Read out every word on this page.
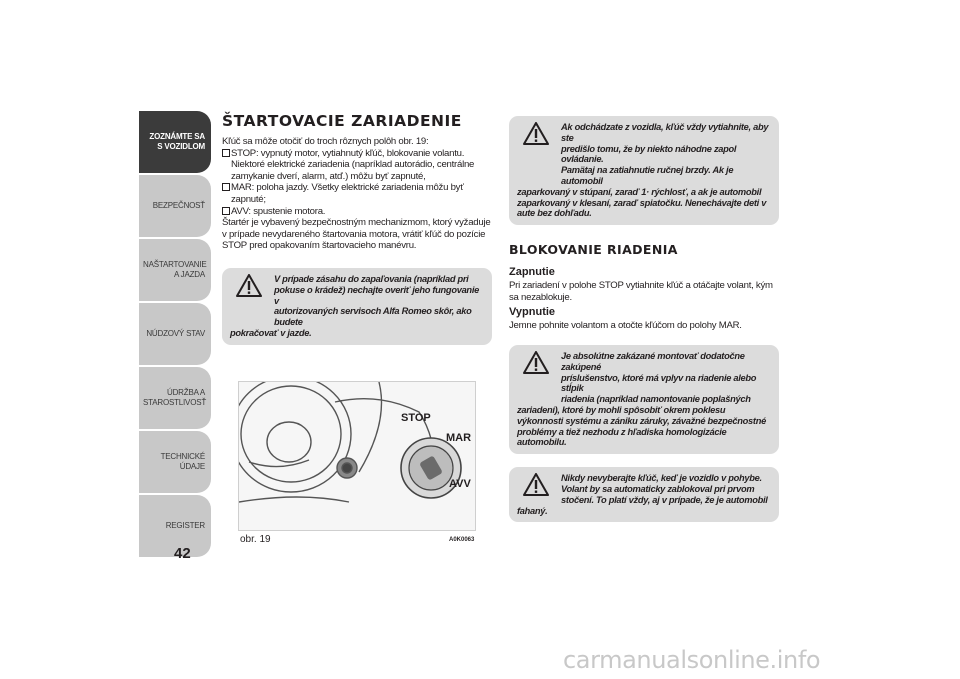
ZOZNÁMTE SA S VOZIDLOM
BEZPEČNOSŤ
NAŠTARTOVANIE A JAZDA
NÚDZOVÝ STAV
ÚDRŽBA A STAROSTLIVOSŤ
TECHNICKÉ ÚDAJE
REGISTER
42
ŠTARTOVACIE ZARIADENIE

Kľúč sa môže otočiť do troch rôznych polôh obr. 19:

STOP: vypnutý motor, vytiahnutý kľúč, blokovanie volantu. Niektoré elektrické zariadenia (napríklad autorádio, centrálne zamykanie dverí, alarm, atď.) môžu byť zapnuté,

MAR: poloha jazdy. Všetky elektrické zariadenia môžu byť zapnuté;

AVV: spustenie motora.

Štartér je vybavený bezpečnostným mechanizmom, ktorý vyžaduje v prípade nevydareného štartovania motora, vrátiť kľúč do pozície STOP pred opakovaním štartovacieho manévru.

V prípade zásahu do zapaľovania (napríklad pri

pokuse o krádež) nechajte overiť jeho fungovanie v

autorizovaných servisoch Alfa Romeo skôr, ako budete

pokračovať v jazde.

STOP
MAR
AVV
obr. 19	A0K0063

Ak odchádzate z vozidla, kľúč vždy vytiahnite, aby ste

predišlo tomu, že by niekto náhodne zapol ovládanie.

Pamätaj na zatiahnutie ručnej brzdy. Ak je automobil

zaparkovaný v stúpaní, zaraď 1· rýchlosť, a ak je automobil zaparkovaný v klesaní, zaraď spiatočku. Nenechávajte deti v aute bez dohľadu.

BLOKOVANIE RIADENIA
Zapnutie

Pri zariadení v polohe STOP vytiahnite kľúč a otáčajte volant, kým sa nezablokuje.

Vypnutie

Jemne pohnite volantom a otočte kľúčom do polohy MAR.

Je absolútne zakázané montovať dodatočne zakúpené

príslušenstvo, ktoré má vplyv na riadenie alebo stĺpik

riadenia (napríklad namontovanie poplašných

zariadení), ktoré by mohli spôsobiť okrem poklesu výkonnosti systému a zániku záruky, závažné bezpečnostné problémy a tiež nezhodu z hľadiska homologizácie automobilu.

Nikdy nevyberajte kľúč, keď je vozidlo v pohybe.

Volant by sa automaticky zablokoval pri prvom

stočení. To platí vždy, aj v prípade, že je automobil

fahaný.

carmanualsonline.info
